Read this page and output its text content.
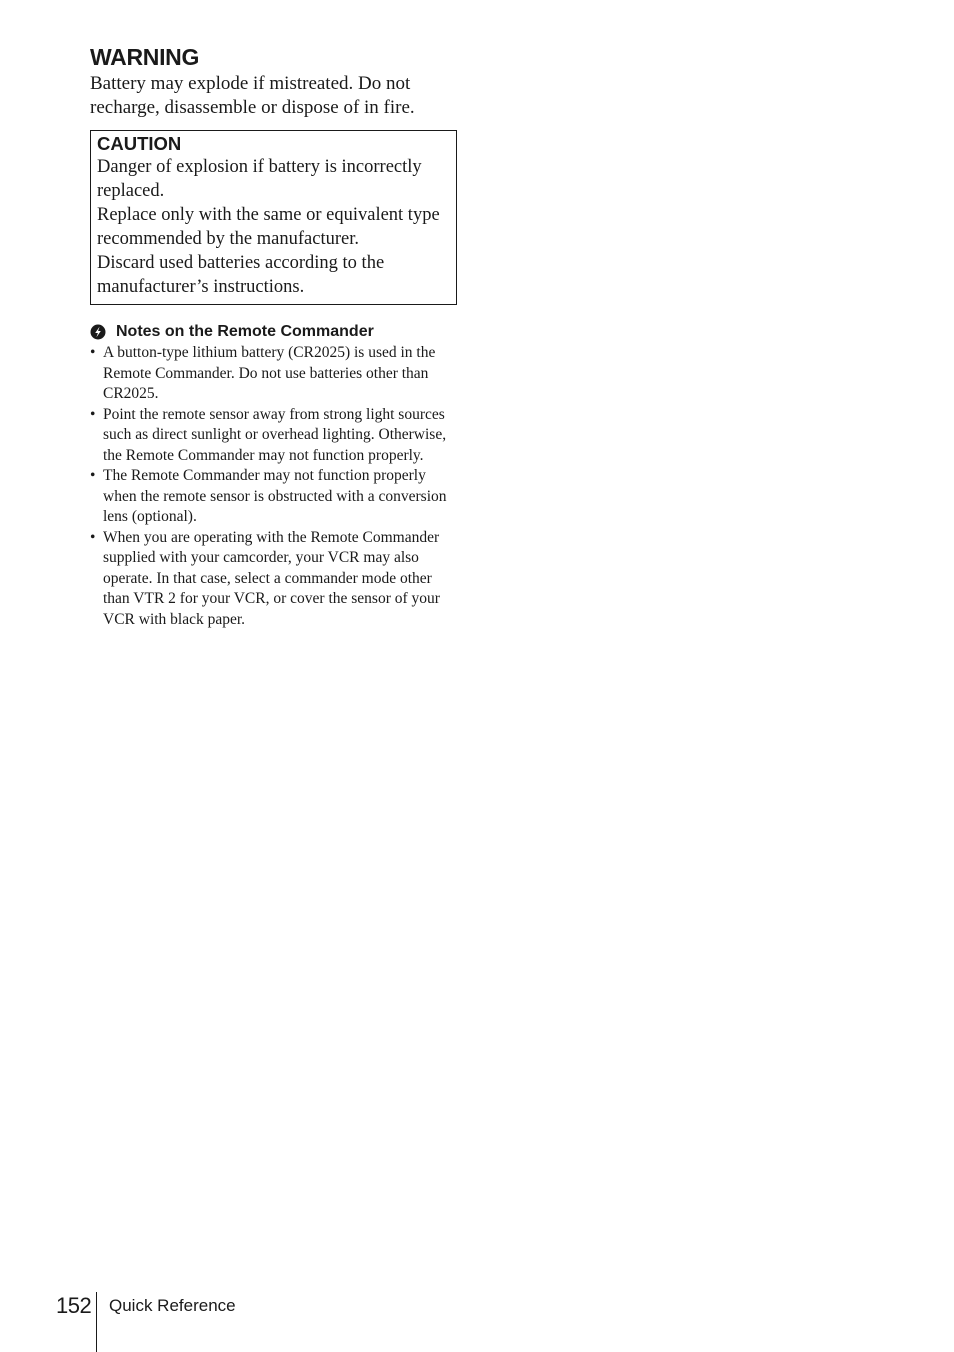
WARNING

Battery may explode if mistreated. Do not recharge, disassemble or dispose of in fire.

CAUTION
Danger of explosion if battery is incorrectly
replaced.
Replace only with the same or equivalent type
recommended by the manufacturer.
Discard used batteries according to the
manufacturer’s instructions.
Notes on the Remote Commander
• A button-type lithium battery (CR2025) is used in the Remote Commander. Do not use batteries other than CR2025.
• Point the remote sensor away from strong light sources such as direct sunlight or overhead lighting. Otherwise, the Remote Commander may not function properly.
• The Remote Commander may not function properly when the remote sensor is obstructed with a conversion lens (optional).
• When you are operating with the Remote Commander supplied with your camcorder, your VCR may also operate. In that case, select a commander mode other than VTR 2 for your VCR, or cover the sensor of your VCR with black paper.
152 Quick Reference
